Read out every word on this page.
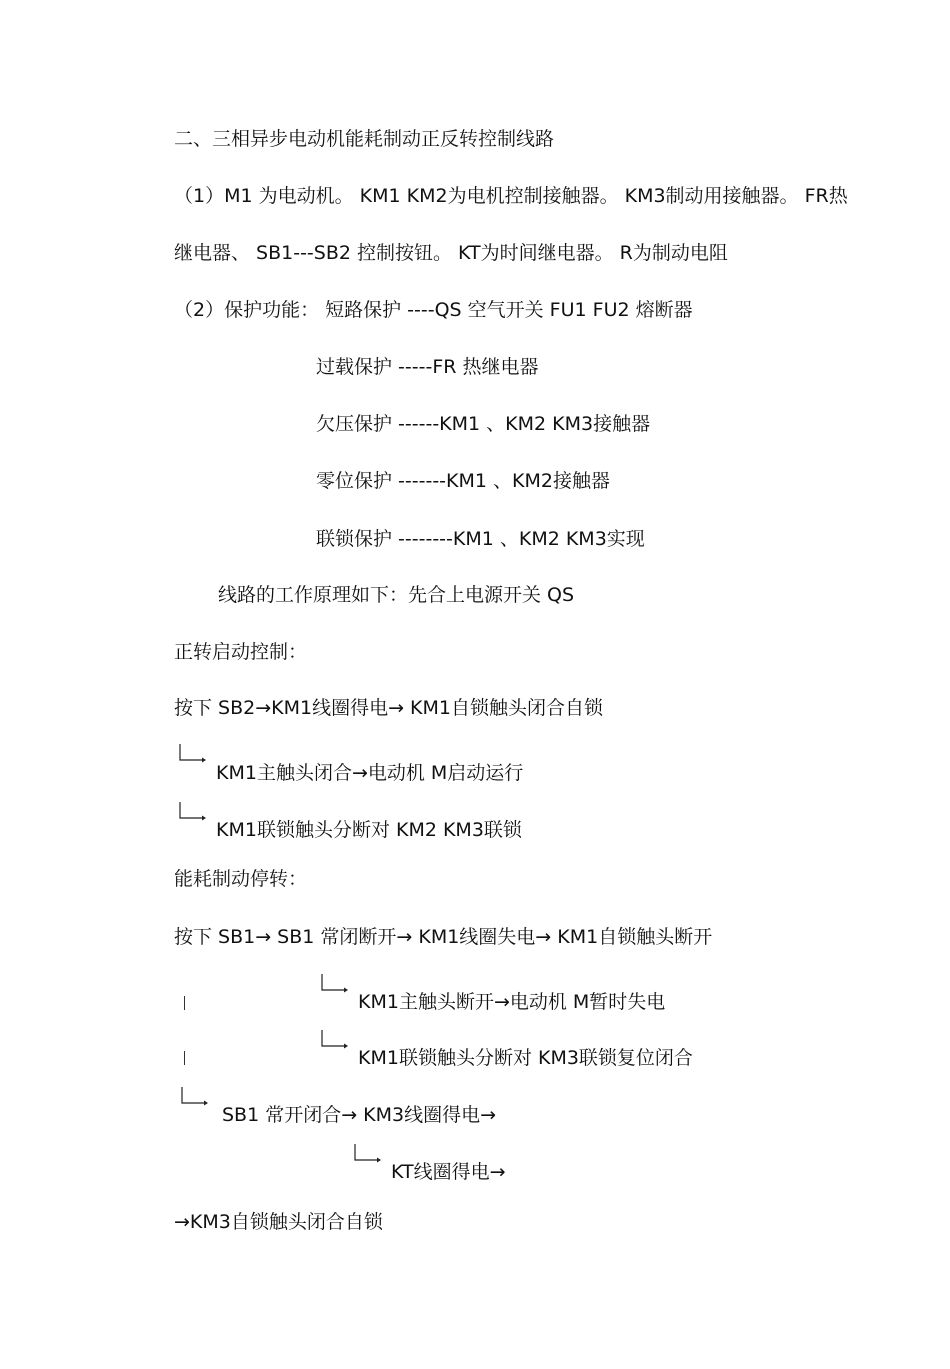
二、三相异步电动机能耗制动正反转控制线路
（1）M1 为电动机。 KM1 KM2为电机控制接触器。 KM3制动用接触器。 FR热
继电器、 SB1---SB2 控制按钮。 KT为时间继电器。 R为制动电阻
（2）保护功能： 短路保护 ----QS 空气开关 FU1 FU2 熔断器
过载保护 -----FR 热继电器
欠压保护 ------KM1 、KM2 KM3接触器
零位保护 -------KM1 、KM2接触器
联锁保护 --------KM1 、KM2 KM3实现
线路的工作原理如下：先合上电源开关 QS
正转启动控制：
按下 SB2→KM1线圈得电→ KM1自锁触头闭合自锁
KM1主触头闭合→电动机 M启动运行
KM1联锁触头分断对 KM2 KM3联锁
能耗制动停转：
按下 SB1→ SB1 常闭断开→ KM1线圈失电→ KM1自锁触头断开
KM1主触头断开→电动机 M暂时失电
KM1联锁触头分断对 KM3联锁复位闭合
SB1 常开闭合→ KM3线圈得电→
KT线圈得电→
→KM3自锁触头闭合自锁
